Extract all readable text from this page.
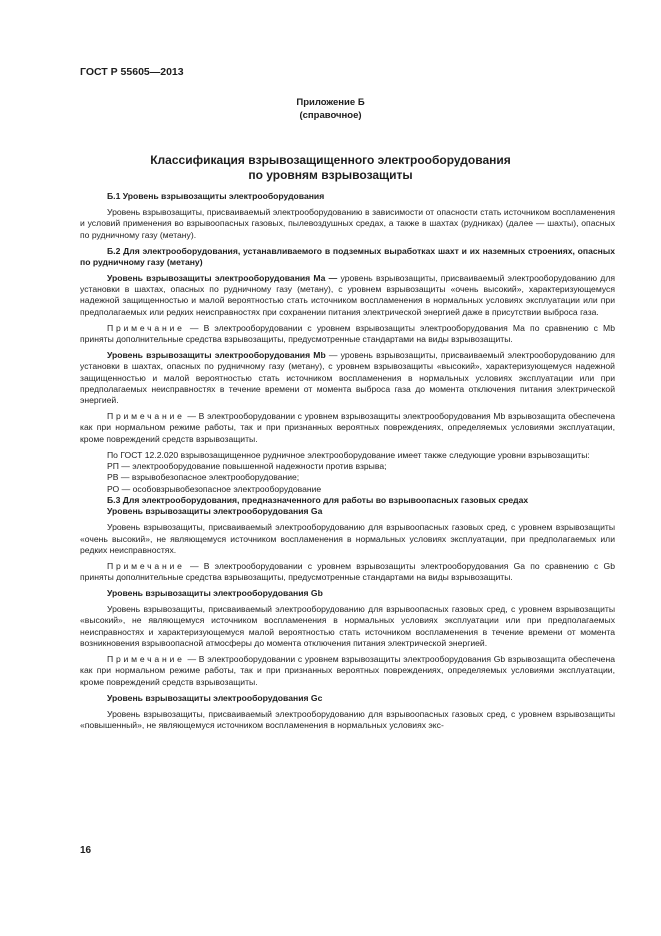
ГОСТ Р 55605—2013
Приложение Б
(справочное)
Классификация взрывозащищенного электрооборудования
по уровням взрывозащиты

Б.1 Уровень взрывозащиты электрооборудования

Уровень взрывозащиты, присваиваемый электрооборудованию в зависимости от опасности стать источником воспламенения и условий применения во взрывоопасных газовых, пылевоздушных средах, а также в шахтах (рудниках) (далее — шахты), опасных по рудничному газу (метану).

Б.2 Для электрооборудования, устанавливаемого в подземных выработках шахт и их наземных строениях, опасных по рудничному газу (метану)

Уровень взрывозащиты электрооборудования Ма — уровень взрывозащиты, присваиваемый электрооборудованию для установки в шахтах, опасных по рудничному газу (метану), с уровнем взрывозащиты «очень высокий», характеризующемуся надежной защищенностью и малой вероятностью стать источником воспламенения в нормальных условиях эксплуатации или при предполагаемых или редких неисправностях при сохранении питания электрической энергией даже в присутствии выброса газа.

Примечание — В электрооборудовании с уровнем взрывозащиты электрооборудования Ма по сравнению с Mb приняты дополнительные средства взрывозащиты, предусмотренные стандартами на виды взрывозащиты.

Уровень взрывозащиты электрооборудования Mb — уровень взрывозащиты, присваиваемый электрооборудованию для установки в шахтах, опасных по рудничному газу (метану), с уровнем взрывозащиты «высокий», характеризующемуся надежной защищенностью и малой вероятностью стать источником воспламенения в нормальных условиях эксплуатации или при предполагаемых неисправностях в течение времени от момента выброса газа до момента отключения питания электрической энергией.

Примечание — В электрооборудовании с уровнем взрывозащиты электрооборудования Mb взрывозащита обеспечена как при нормальном режиме работы, так и при признанных вероятных повреждениях, определяемых условиями эксплуатации, кроме повреждений средств взрывозащиты.

По ГОСТ 12.2.020 взрывозащищенное рудничное электрооборудование имеет также следующие уровни взрывозащиты:

РП — электрооборудование повышенной надежности против взрыва;

РВ — взрывобезопасное электрооборудование;

РО — особовзрывобезопасное электрооборудование

Б.3 Для электрооборудования, предназначенного для работы во взрывоопасных газовых средах

Уровень взрывозащиты электрооборудования Ga

Уровень взрывозащиты, присваиваемый электрооборудованию для взрывоопасных газовых сред, с уровнем взрывозащиты «очень высокий», не являющемуся источником воспламенения в нормальных условиях эксплуатации, при предполагаемых или редких неисправностях.

Примечание — В электрооборудовании с уровнем взрывозащиты электрооборудования Ga по сравнению с Gb приняты дополнительные средства взрывозащиты, предусмотренные стандартами на виды взрывозащиты.

Уровень взрывозащиты электрооборудования Gb

Уровень взрывозащиты, присваиваемый электрооборудованию для взрывоопасных газовых сред, с уровнем взрывозащиты «высокий», не являющемуся источником воспламенения в нормальных условиях эксплуатации или при предполагаемых неисправностях и характеризующемуся малой вероятностью стать источником воспламенения в течение времени от момента возникновения взрывоопасной атмосферы до момента отключения питания электрической энергией.

Примечание — В электрооборудовании с уровнем взрывозащиты электрооборудования Gb взрывозащита обеспечена как при нормальном режиме работы, так и при признанных вероятных повреждениях, определяемых условиями эксплуатации, кроме повреждений средств взрывозащиты.

Уровень взрывозащиты электрооборудования Gc

Уровень взрывозащиты, присваиваемый электрооборудованию для взрывоопасных газовых сред, с уровнем взрывозащиты «повышенный», не являющемуся источником воспламенения в нормальных условиях экс-

16
